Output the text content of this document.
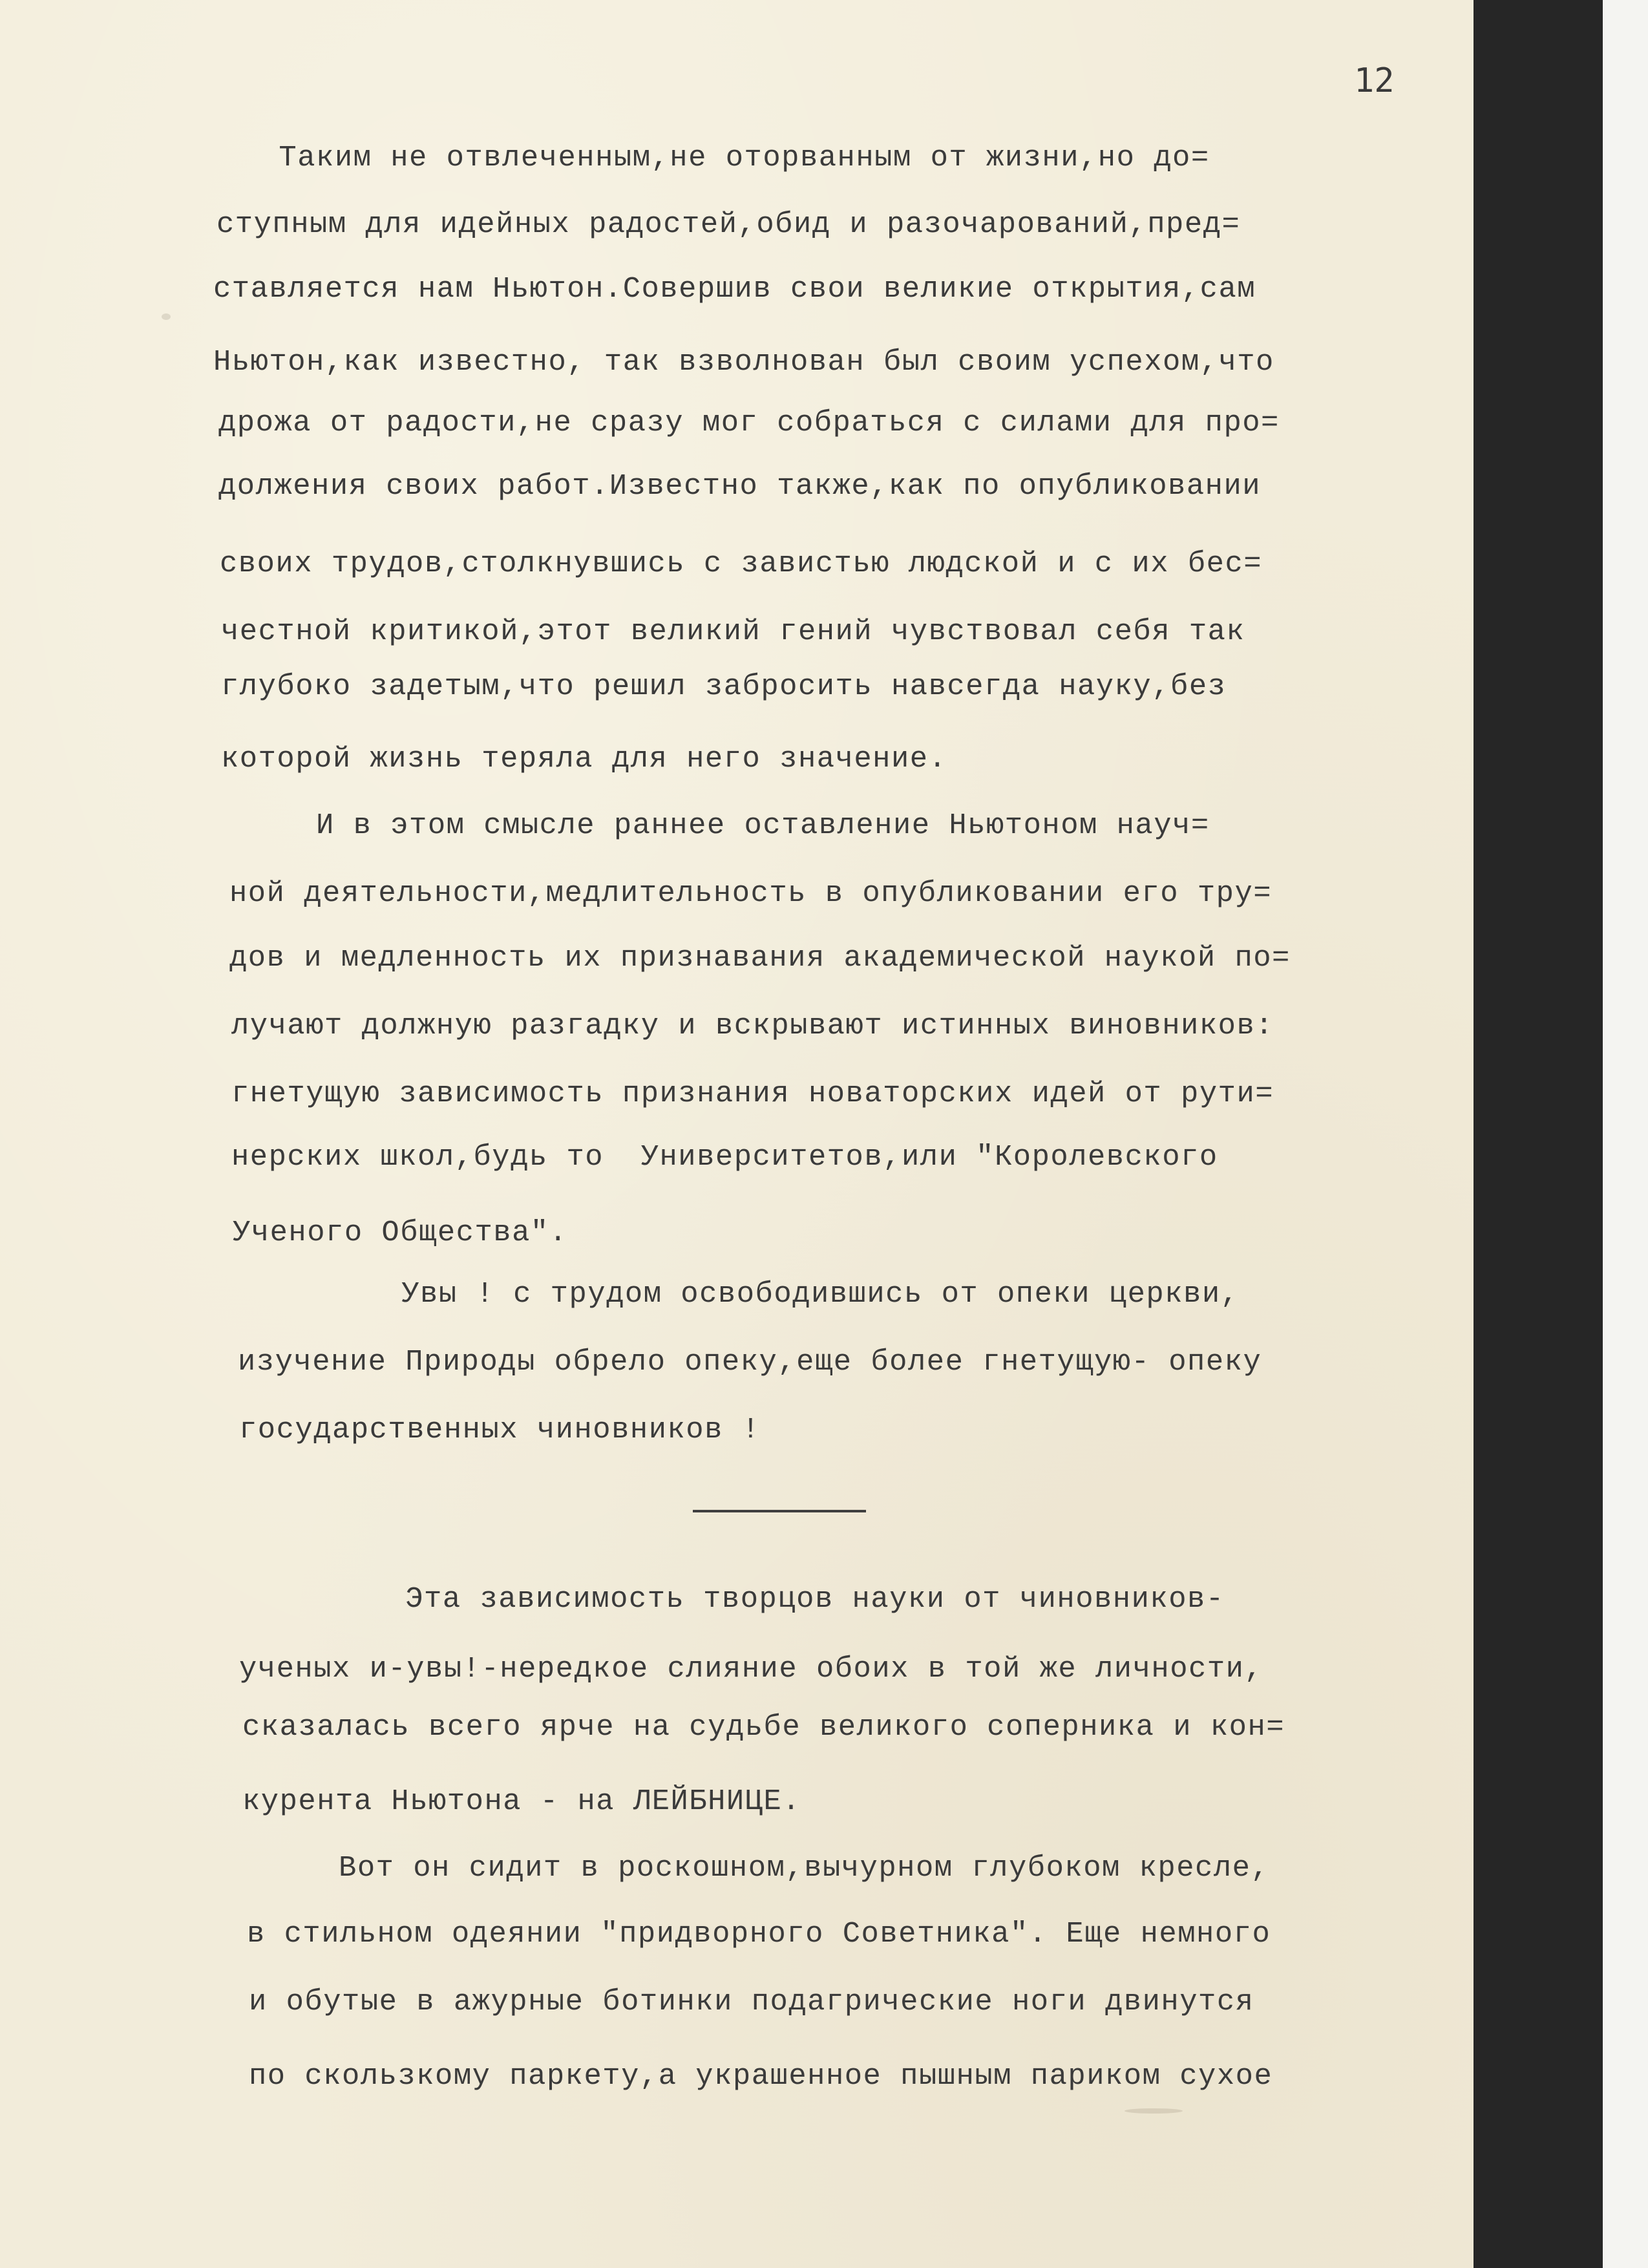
12

Таким не отвлеченным,не оторванным от жизни,но до=

ступным для идейных радостей,обид и разочарований,пред=

ставляется нам Ньютон.Совершив свои великие открытия,сам

Ньютон,как известно, так взволнован был своим успехом,что

дрожа от радости,не сразу мог собраться с силами для про=

должения своих работ.Известно также,как по опубликовании

своих трудов,столкнувшись с завистью людской и с их бес=

честной критикой,этот великий гений чувствовал себя так

глубоко задетым,что решил забросить навсегда науку,без

которой жизнь теряла для него значение.

И в этом смысле раннее оставление Ньютоном науч=

ной деятельности,медлительность в опубликовании его тру=

дов и медленность их признавания академической наукой по=

лучают должную разгадку и вскрывают истинных виновников:

гнетущую зависимость признания новаторских идей от рути=

нерских школ,будь то  Университетов,или "Королевского

Ученого Общества".

Увы ! с трудом освободившись от опеки церкви,

изучение Природы обрело опеку,еще более гнетущую- опеку

государственных чиновников !

Эта зависимость творцов науки от чиновников-

ученых и-увы!-нередкое слияние обоих в той же личности,

сказалась всего ярче на судьбе великого соперника и кон=

курента Ньютона - на ЛЕЙБНИЦЕ.

Вот он сидит в роскошном,вычурном глубоком кресле,

в стильном одеянии "придворного Советника". Еще немного

и обутые в ажурные ботинки подагрические ноги двинутся

по скользкому паркету,а украшенное пышным париком сухое
